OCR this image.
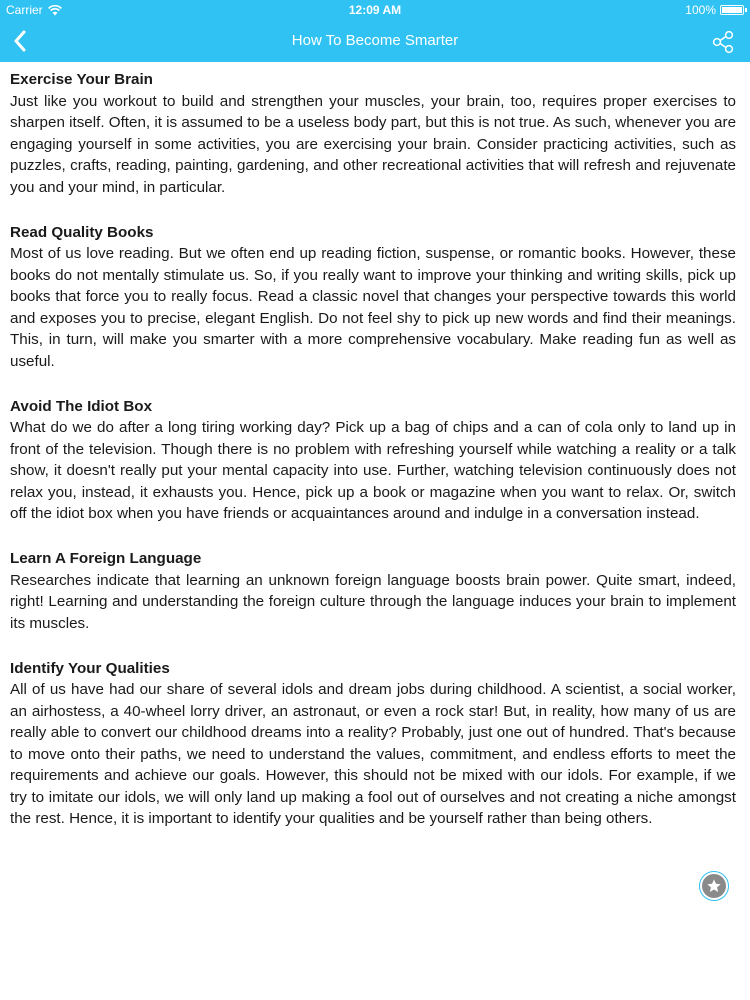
Carrier	12:09 AM	100%
How To Become Smarter

Exercise Your Brain

Just like you workout to build and strengthen your muscles, your brain, too, requires proper exercises to sharpen itself. Often, it is assumed to be a useless body part, but this is not true. As such, whenever you are engaging yourself in some activities, you are exercising your brain. Consider practicing activities, such as puzzles, crafts, reading, painting, gardening, and other recreational activities that will refresh and rejuvenate you and your mind, in particular.

Read Quality Books

Most of us love reading. But we often end up reading fiction, suspense, or romantic books. However, these books do not mentally stimulate us. So, if you really want to improve your thinking and writing skills, pick up books that force you to really focus. Read a classic novel that changes your perspective towards this world and exposes you to precise, elegant English. Do not feel shy to pick up new words and find their meanings. This, in turn, will make you smarter with a more comprehensive vocabulary. Make reading fun as well as useful.

Avoid The Idiot Box

What do we do after a long tiring working day? Pick up a bag of chips and a can of cola only to land up in front of the television. Though there is no problem with refreshing yourself while watching a reality or a talk show, it doesn't really put your mental capacity into use. Further, watching television continuously does not relax you, instead, it exhausts you. Hence, pick up a book or magazine when you want to relax. Or, switch off the idiot box when you have friends or acquaintances around and indulge in a conversation instead.

Learn A Foreign Language

Researches indicate that learning an unknown foreign language boosts brain power. Quite smart, indeed, right! Learning and understanding the foreign culture through the language induces your brain to implement its muscles.

Identify Your Qualities

All of us have had our share of several idols and dream jobs during childhood. A scientist, a social worker, an airhostess, a 40-wheel lorry driver, an astronaut, or even a rock star! But, in reality, how many of us are really able to convert our childhood dreams into a reality? Probably, just one out of hundred. That's because to move onto their paths, we need to understand the values, commitment, and endless efforts to meet the requirements and achieve our goals. However, this should not be mixed with our idols. For example, if we try to imitate our idols, we will only land up making a fool out of ourselves and not creating a niche amongst the rest. Hence, it is important to identify your qualities and be yourself rather than being others.
